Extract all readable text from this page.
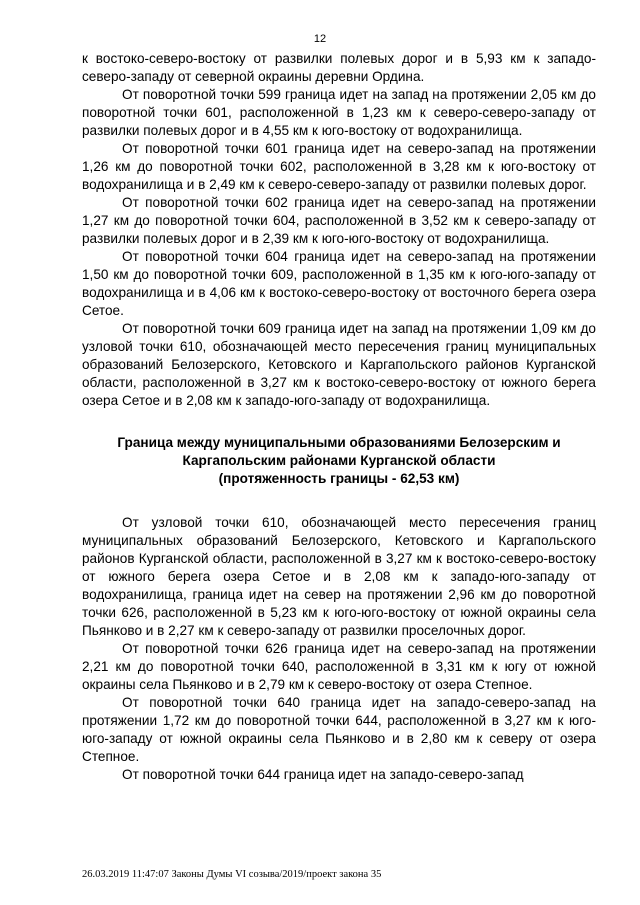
12

к востоко-северо-востоку от развилки полевых дорог и в 5,93 км к западо-северо-западу от северной окраины деревни Ордина.

От поворотной точки 599 граница идет на запад на протяжении 2,05 км до поворотной точки 601, расположенной в 1,23 км к северо-северо-западу от развилки полевых дорог и в 4,55 км к юго-востоку от водохранилища.

От поворотной точки 601 граница идет на северо-запад на протяжении 1,26 км до поворотной точки 602, расположенной в 3,28 км к юго-востоку от водохранилища и в 2,49 км к северо-северо-западу от развилки полевых дорог.

От поворотной точки 602 граница идет на северо-запад на протяжении 1,27 км до поворотной точки 604, расположенной в 3,52 км к северо-западу от развилки полевых дорог и в 2,39 км к юго-юго-востоку от водохранилища.

От поворотной точки 604 граница идет на северо-запад на протяжении 1,50 км до поворотной точки 609, расположенной в 1,35 км к юго-юго-западу от водохранилища и в 4,06 км к востоко-северо-востоку от восточного берега озера Сетое.

От поворотной точки 609 граница идет на запад на протяжении 1,09 км до узловой точки 610, обозначающей место пересечения границ муниципальных образований Белозерского, Кетовского и Каргапольского районов Курганской области, расположенной в 3,27 км к востоко-северо-востоку от южного берега озера Сетое и в 2,08 км к западо-юго-западу от водохранилища.

Граница между муниципальными образованиями Белозерским и
Каргапольским районами Курганской области
(протяженность границы - 62,53 км)

От узловой точки 610, обозначающей место пересечения границ муниципальных образований Белозерского, Кетовского и Каргапольского районов Курганской области, расположенной в 3,27 км к востоко-северо-востоку от южного берега озера Сетое и в 2,08 км к западо-юго-западу от водохранилища, граница идет на север на протяжении 2,96 км до поворотной точки 626, расположенной в 5,23 км к юго-юго-востоку от южной окраины села Пьянково и в 2,27 км к северо-западу от развилки проселочных дорог.

От поворотной точки 626 граница идет на северо-запад на протяжении 2,21 км до поворотной точки 640, расположенной в 3,31 км к югу от южной окраины села Пьянково и в 2,79 км к северо-востоку от озера Степное.

От поворотной точки 640 граница идет на западо-северо-запад на протяжении 1,72 км до поворотной точки 644, расположенной в 3,27 км к юго-юго-западу от южной окраины села Пьянково и в 2,80 км к северу от озера Степное.

От поворотной точки 644 граница идет на западо-северо-запад

26.03.2019 11:47:07 Законы Думы VI созыва/2019/проект закона 35
